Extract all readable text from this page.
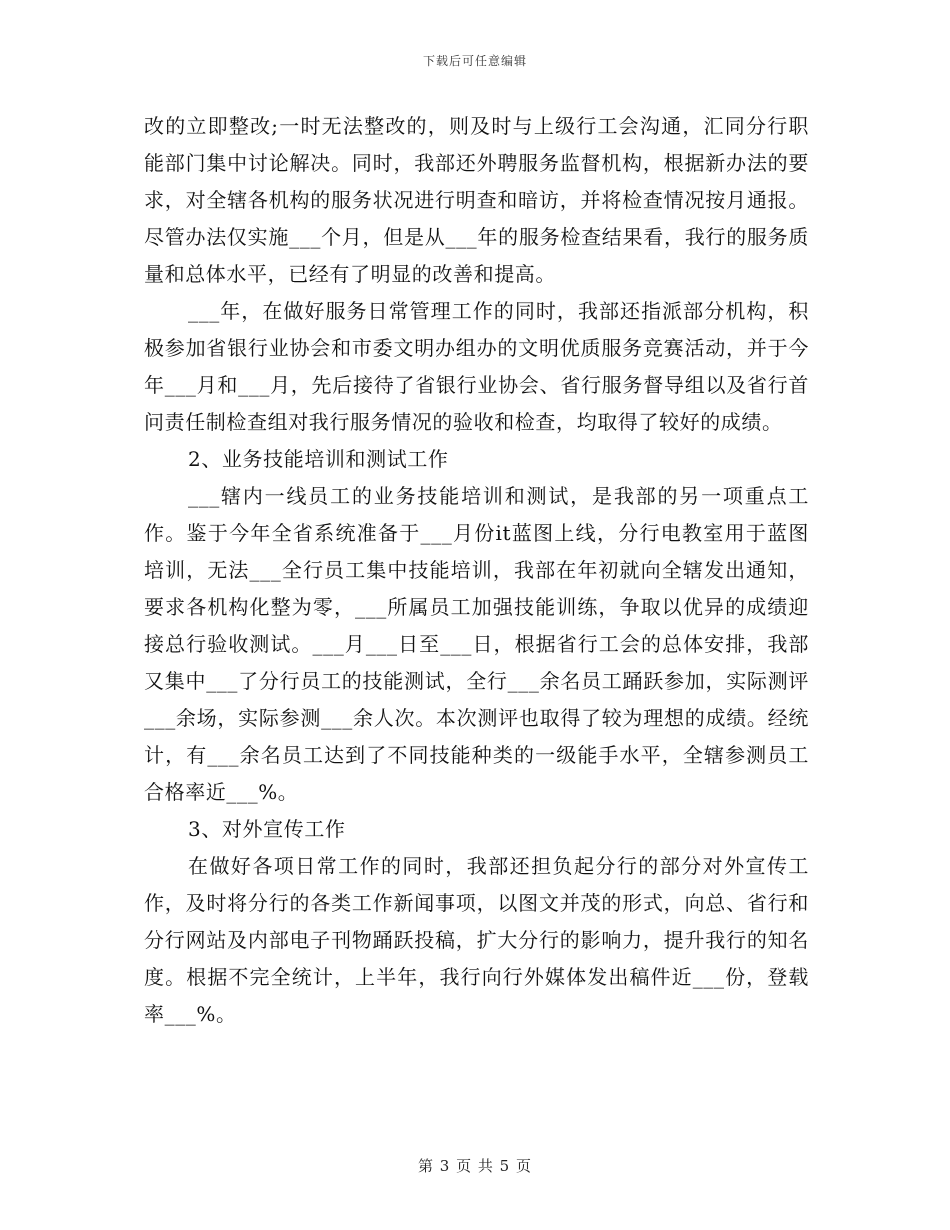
下载后可任意编辑

改的立即整改;一时无法整改的，则及时与上级行工会沟通，汇同分行职能部门集中讨论解决。同时，我部还外聘服务监督机构，根据新办法的要求，对全辖各机构的服务状况进行明查和暗访，并将检查情况按月通报。尽管办法仅实施___个月，但是从___年的服务检查结果看，我行的服务质量和总体水平，已经有了明显的改善和提高。

___年，在做好服务日常管理工作的同时，我部还指派部分机构，积极参加省银行业协会和市委文明办组办的文明优质服务竞赛活动，并于今年___月和___月，先后接待了省银行业协会、省行服务督导组以及省行首问责任制检查组对我行服务情况的验收和检查，均取得了较好的成绩。

2、业务技能培训和测试工作

___辖内一线员工的业务技能培训和测试，是我部的另一项重点工作。鉴于今年全省系统准备于___月份it蓝图上线，分行电教室用于蓝图培训，无法___全行员工集中技能培训，我部在年初就向全辖发出通知，要求各机构化整为零，___所属员工加强技能训练，争取以优异的成绩迎接总行验收测试。___月___日至___日，根据省行工会的总体安排，我部又集中___了分行员工的技能测试，全行___余名员工踊跃参加，实际测评___余场，实际参测___余人次。本次测评也取得了较为理想的成绩。经统计，有___余名员工达到了不同技能种类的一级能手水平，全辖参测员工合格率近___%。

3、对外宣传工作

在做好各项日常工作的同时，我部还担负起分行的部分对外宣传工作，及时将分行的各类工作新闻事项，以图文并茂的形式，向总、省行和分行网站及内部电子刊物踊跃投稿，扩大分行的影响力，提升我行的知名度。根据不完全统计，上半年，我行向行外媒体发出稿件近___份，登载率___%。

第 3 页 共 5 页
